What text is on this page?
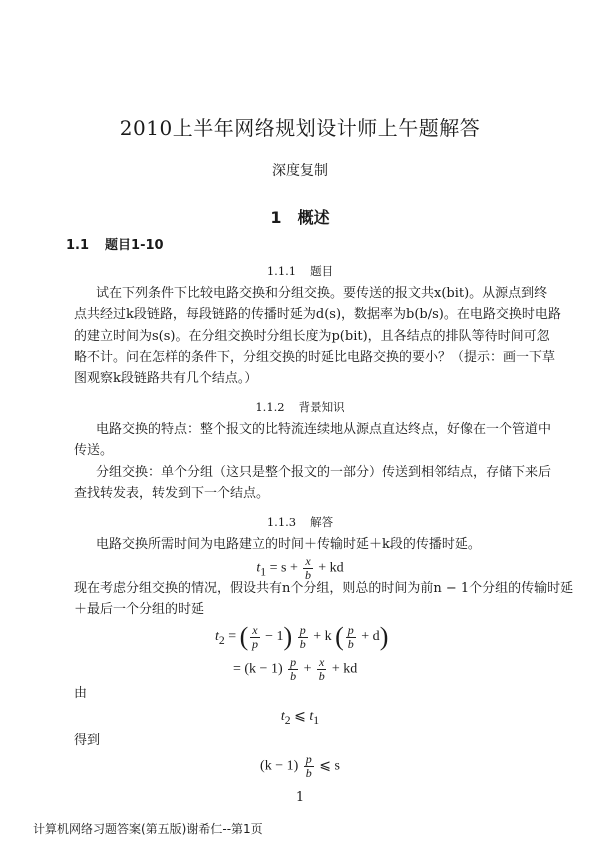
2010上半年网络规划设计师上午题解答
深度复制
1 概述
1.1 题目1-10
1.1.1 题目
试在下列条件下比较电路交换和分组交换。要传送的报文共x(bit)。从源点到终
点共经过k段链路，每段链路的传播时延为d(s)，数据率为b(b/s)。在电路交换时电路
的建立时间为s(s)。在分组交换时分组长度为p(bit)，且各结点的排队等待时间可忽
略不计。问在怎样的条件下，分组交换的时延比电路交换的要小？（提示：画一下草
图观察k段链路共有几个结点。）
1.1.2 背景知识
电路交换的特点：整个报文的比特流连续地从源点直达终点，好像在一个管道中
传送。
分组交换：单个分组（这只是整个报文的一部分）传送到相邻结点，存储下来后
查找转发表，转发到下一个结点。
1.1.3 解答
电路交换所需时间为电路建立的时间＋传输时延＋k段的传播时延。
$t_1 = s + \frac{x}{b}$ + kd
现在考虑分组交换的情况，假设共有n个分组，则总的时间为前n − 1个分组的传输时延
＋最后一个分组的时延
$t_2$ = ( $\frac{x}{p} - 1) \frac{p}{b} + k$ ( $\frac{p}{b} + d$)
= $(k - 1) \frac{p}{b} + \frac{x}{b}$ + kd
由
$t_2$ ⩽ $t_1$
得到
$(k - 1) \frac{p}{b}$ ⩽ s
1
计算机网络习题答案(第五版)谢希仁--第1页
